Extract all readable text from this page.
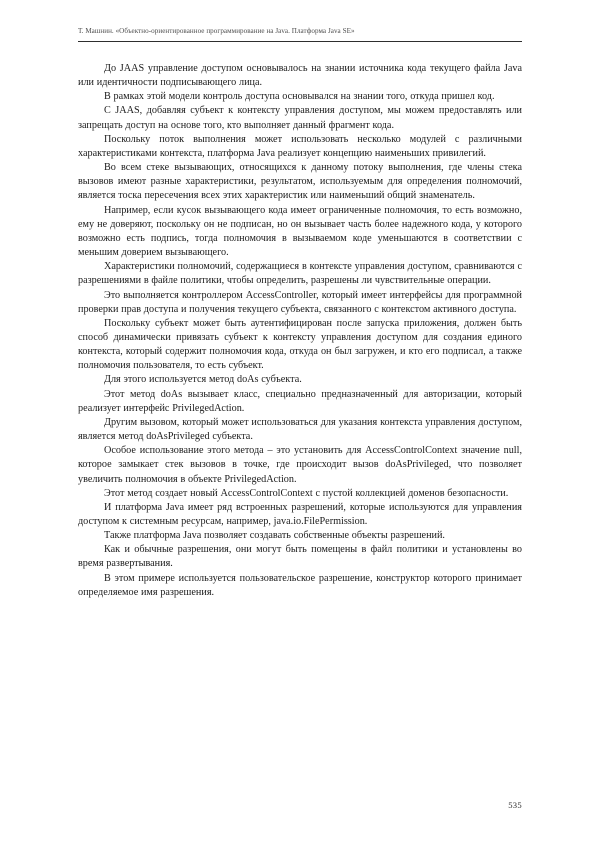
Т. Машнин. «Объектно-ориентированное программирование на Java. Платформа Java SE»

До JAAS управление доступом основывалось на знании источника кода текущего файла Java или идентичности подписывающего лица.

В рамках этой модели контроль доступа основывался на знании того, откуда пришел код.

С JAAS, добавляя субъект к контексту управления доступом, мы можем предоставлять или запрещать доступ на основе того, кто выполняет данный фрагмент кода.

Поскольку поток выполнения может использовать несколько модулей с различными характеристиками контекста, платформа Java реализует концепцию наименьших привилегий.

Во всем стеке вызывающих, относящихся к данному потоку выполнения, где члены стека вызовов имеют разные характеристики, результатом, используемым для определения полномочий, является тоска пересечения всех этих характеристик или наименьший общий знаменатель.

Например, если кусок вызывающего кода имеет ограниченные полномочия, то есть возможно, ему не доверяют, поскольку он не подписан, но он вызывает часть более надежного кода, у которого возможно есть подпись, тогда полномочия в вызываемом коде уменьшаются в соответствии с меньшим доверием вызывающего.

Характеристики полномочий, содержащиеся в контексте управления доступом, сравниваются с разрешениями в файле политики, чтобы определить, разрешены ли чувствительные операции.

Это выполняется контроллером AccessController, который имеет интерфейсы для программной проверки прав доступа и получения текущего субъекта, связанного с контекстом активного доступа.

Поскольку субъект может быть аутентифицирован после запуска приложения, должен быть способ динамически привязать субъект к контексту управления доступом для создания единого контекста, который содержит полномочия кода, откуда он был загружен, и кто его подписал, а также полномочия пользователя, то есть субъект.

Для этого используется метод doAs субъекта.

Этот метод doAs вызывает класс, специально предназначенный для авторизации, который реализует интерфейс PrivilegedAction.

Другим вызовом, который может использоваться для указания контекста управления доступом, является метод doAsPrivileged субъекта.

Особое использование этого метода – это установить для AccessControlContext значение null, которое замыкает стек вызовов в точке, где происходит вызов doAsPrivileged, что позволяет увеличить полномочия в объекте PrivilegedAction.

Этот метод создает новый AccessControlContext с пустой коллекцией доменов безопасности.

И платформа Java имеет ряд встроенных разрешений, которые используются для управления доступом к системным ресурсам, например, java.io.FilePermission.

Также платформа Java позволяет создавать собственные объекты разрешений.

Как и обычные разрешения, они могут быть помещены в файл политики и установлены во время развертывания.

В этом примере используется пользовательское разрешение, конструктор которого принимает определяемое имя разрешения.

535
